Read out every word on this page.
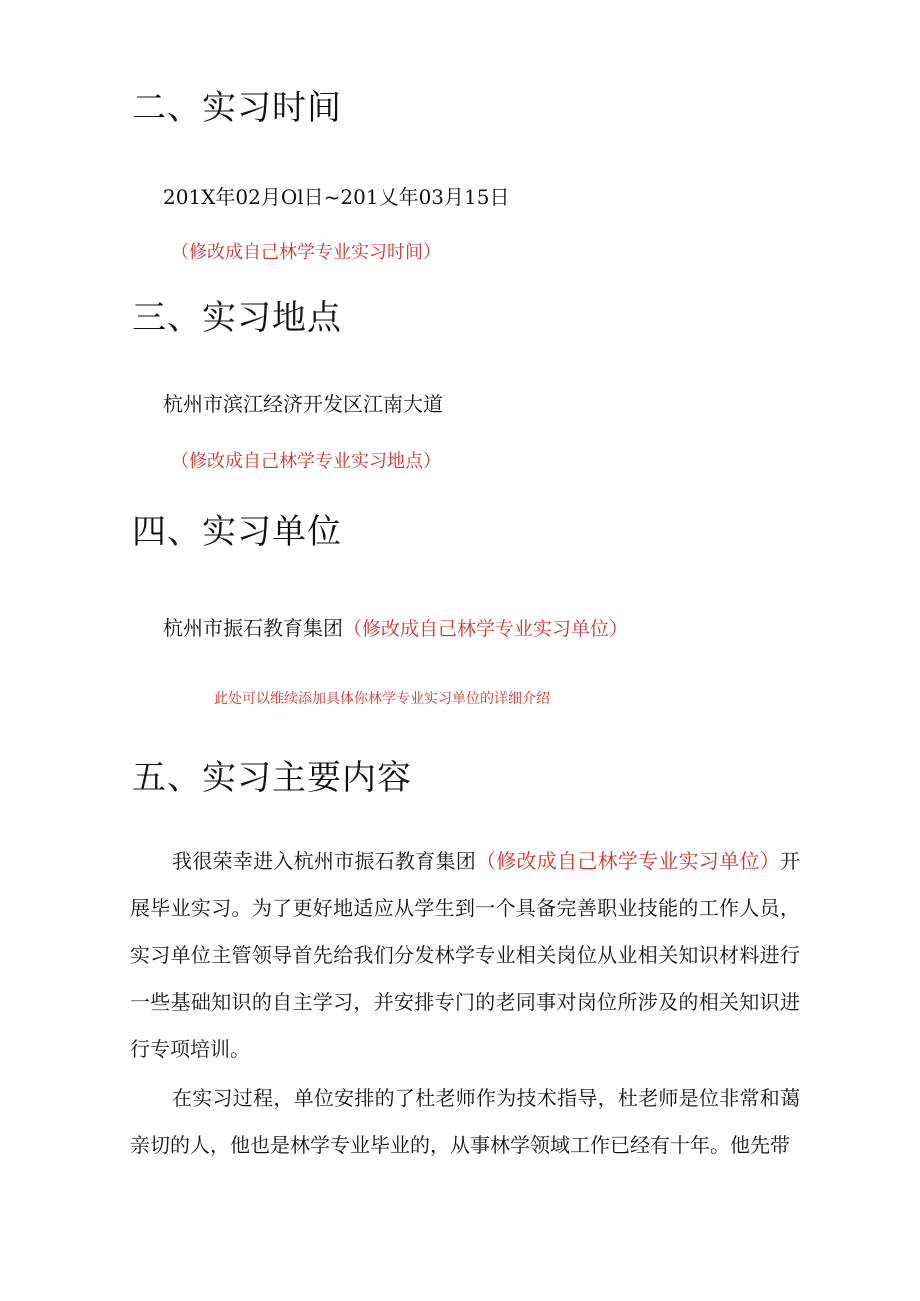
二、实习时间

201X年02月Ol日~201乂年03月15日

（修改成自己林学专业实习时间）

三、实习地点

杭州市滨江经济开发区江南大道

（修改成自己林学专业实习地点）

四、实习单位

杭州市振石教育集团（修改成自己林学专业实习单位）

此处可以维续添加具体你林学专业实习单位的详细介绍

五、实习主要内容

我很荣幸进入杭州市振石教育集团（修改成自己林学专业实习单位）开展毕业实习。为了更好地适应从学生到一个具备完善职业技能的工作人员，实习单位主管领导首先给我们分发林学专业相关岗位从业相关知识材料进行一些基础知识的自主学习，并安排专门的老同事对岗位所涉及的相关知识进行专项培训。

在实习过程，单位安排的了杜老师作为技术指导，杜老师是位非常和蔼亲切的人，他也是林学专业毕业的，从事林学领域工作已经有十年。他先带
